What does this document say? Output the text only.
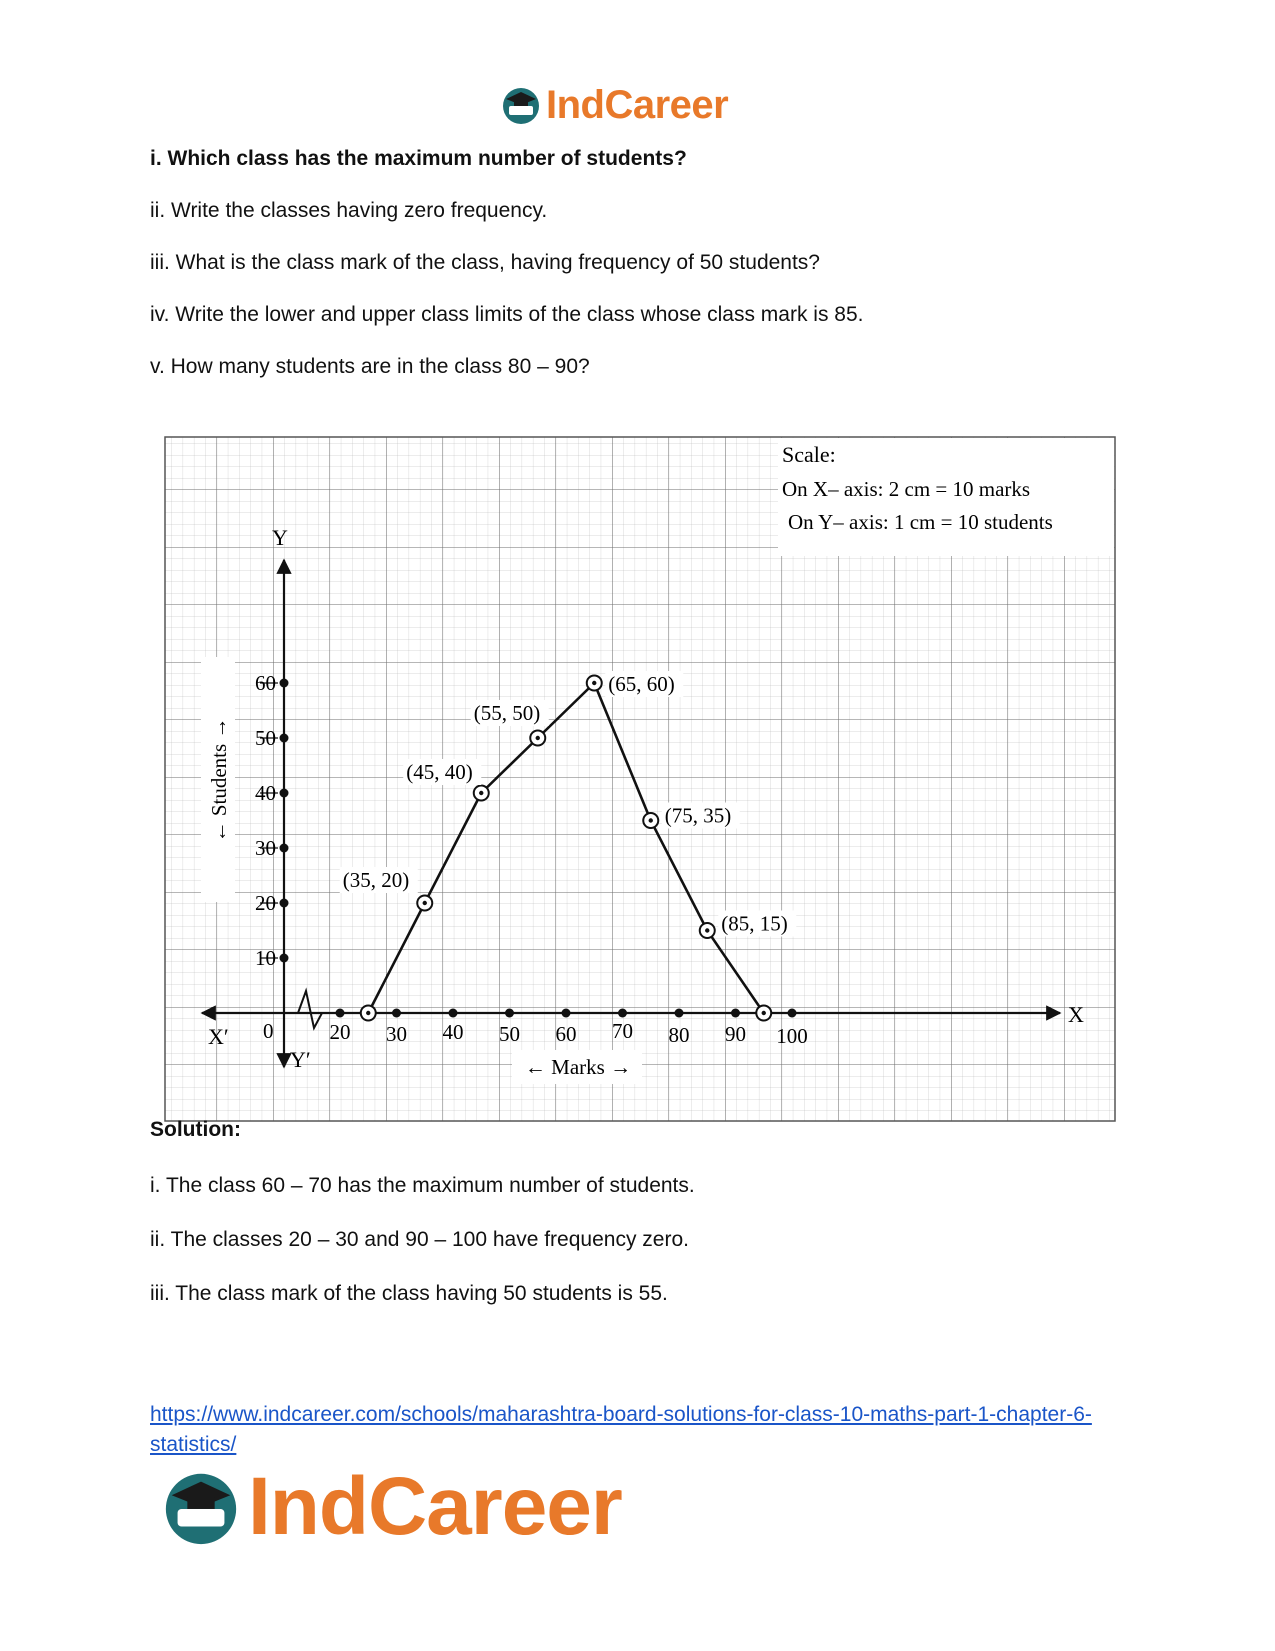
IndCareer
i. Which class has the maximum number of students?
ii. Write the classes having zero frequency.
iii. What is the class mark of the class, having frequency of 50 students?
iv. Write the lower and upper class limits of the class whose class mark is 85.
v. How many students are in the class 80 – 90?
Scale:
On X– axis: 2 cm = 10 marks
On Y– axis: 1 cm = 10 students
Y
Y′
X
X′ 0
← Students →
← Marks →
20 30 40 50 60 70 80 90 100
10
20
30
40
50
60
(35, 20)
(45, 40)
(55, 50)
(65, 60)
(75, 35)
(85, 15)
Solution:
i. The class 60 – 70 has the maximum number of students.
ii. The classes 20 – 30 and 90 – 100 have frequency zero.
iii. The class mark of the class having 50 students is 55.
https://www.indcareer.com/schools/maharashtra-board-solutions-for-class-10-maths-part-1-chapter-6-statistics/
IndCareer
